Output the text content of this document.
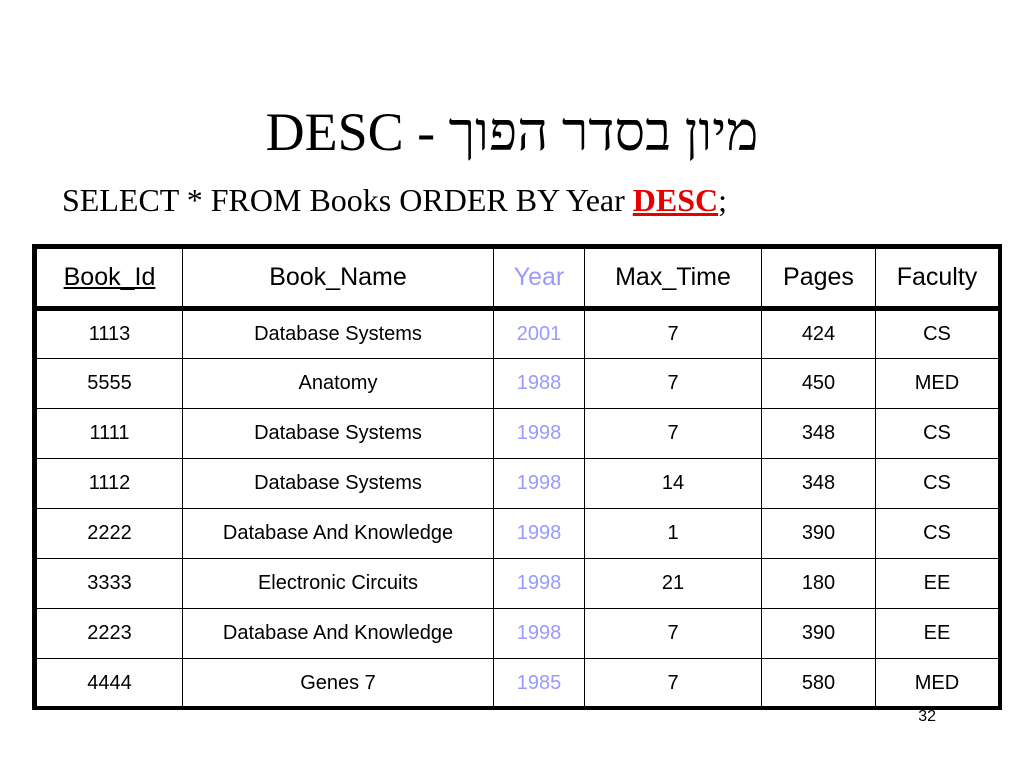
DESC - מיון בסדר הפוך
SELECT * FROM Books ORDER BY Year DESC;
Book_Id	Book_Name	Year	Max_Time	Pages	Faculty
1113	Database Systems	2001	7	424	CS
5555	Anatomy	1988	7	450	MED
1111	Database Systems	1998	7	348	CS
1112	Database Systems	1998	14	348	CS
2222	Database And Knowledge	1998	1	390	CS
3333	Electronic Circuits	1998	21	180	EE
2223	Database And Knowledge	1998	7	390	EE
4444	Genes 7	1985	7	580	MED
32
